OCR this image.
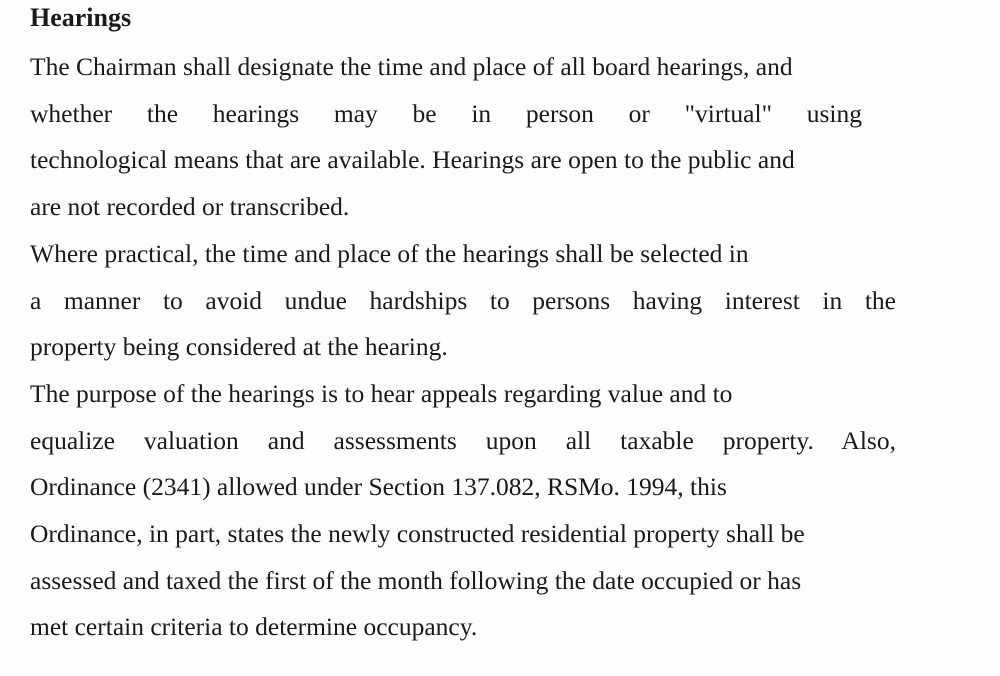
Hearings
The Chairman shall designate the time and place of all board hearings, and
whether the hearings may be in person or "virtual" using
technological means that are available. Hearings are open to the public and
are not recorded or transcribed.
Where practical, the time and place of the hearings shall be selected in
a manner to avoid undue hardships to persons having interest in the
property being considered at the hearing.
The purpose of the hearings is to hear appeals regarding value and to
equalize valuation and assessments upon all taxable property. Also,
Ordinance (2341) allowed under Section 137.082, RSMo. 1994, this
Ordinance, in part, states the newly constructed residential property shall be
assessed and taxed the first of the month following the date occupied or has
met certain criteria to determine occupancy.
